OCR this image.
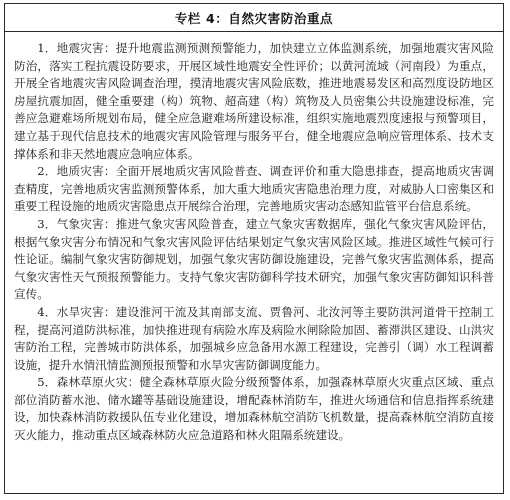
专栏 4：自然灾害防治重点

1．地震灾害：提升地震监测预测预警能力，加快建立立体监测系统，加强地震灾害风险防治，落实工程抗震设防要求，开展区域性地震安全性评价；以黄河流域（河南段）为重点，开展全省地震灾害风险调查治理，摸清地震灾害风险底数，推进地震易发区和高烈度设防地区房屋抗震加固，健全重要建（构）筑物、超高建（构）筑物及人员密集公共设施建设标准，完善应急避难场所规划布局，健全应急避难场所建设标准，组织实施地震烈度速报与预警项目，建立基于现代信息技术的地震灾害风险管理与服务平台，健全地震应急响应管理体系、技术支撑体系和非天然地震应急响应体系。

2．地质灾害：全面开展地质灾害风险普查、调查评价和重大隐患排查，提高地质灾害调查精度，完善地质灾害监测预警体系，加大重大地质灾害隐患治理力度，对威胁人口密集区和重要工程设施的地质灾害隐患点开展综合治理，完善地质灾害动态感知监管平台信息系统。

3．气象灾害：推进气象灾害风险普查，建立气象灾害数据库，强化气象灾害风险评估，根据气象灾害分布情况和气象灾害风险评估结果划定气象灾害风险区域。推进区域性气候可行性论证。编制气象灾害防御规划，加强气象灾害防御设施建设，完善气象灾害监测体系，提高气象灾害性天气预报预警能力。支持气象灾害防御科学技术研究，加强气象灾害防御知识科普宣传。

4．水旱灾害：建设淮河干流及其南部支流、贾鲁河、北汝河等主要防洪河道骨干控制工程，提高河道防洪标准，加快推进现有病险水库及病险水闸除险加固、蓄滞洪区建设、山洪灾害防治工程，完善城市防洪体系，加强城乡应急备用水源工程建设，完善引（调）水工程调蓄设施，提升水情汛情监测预报预警和水旱灾害防御调度能力。

5．森林草原火灾：健全森林草原火险分级预警体系，加强森林草原火灾重点区域、重点部位消防蓄水池、储水罐等基础设施建设，增配森林消防车，推进火场通信和信息指挥系统建设，加快森林消防救援队伍专业化建设，增加森林航空消防飞机数量，提高森林航空消防直接灭火能力，推动重点区域森林防火应急道路和林火阻隔系统建设。
